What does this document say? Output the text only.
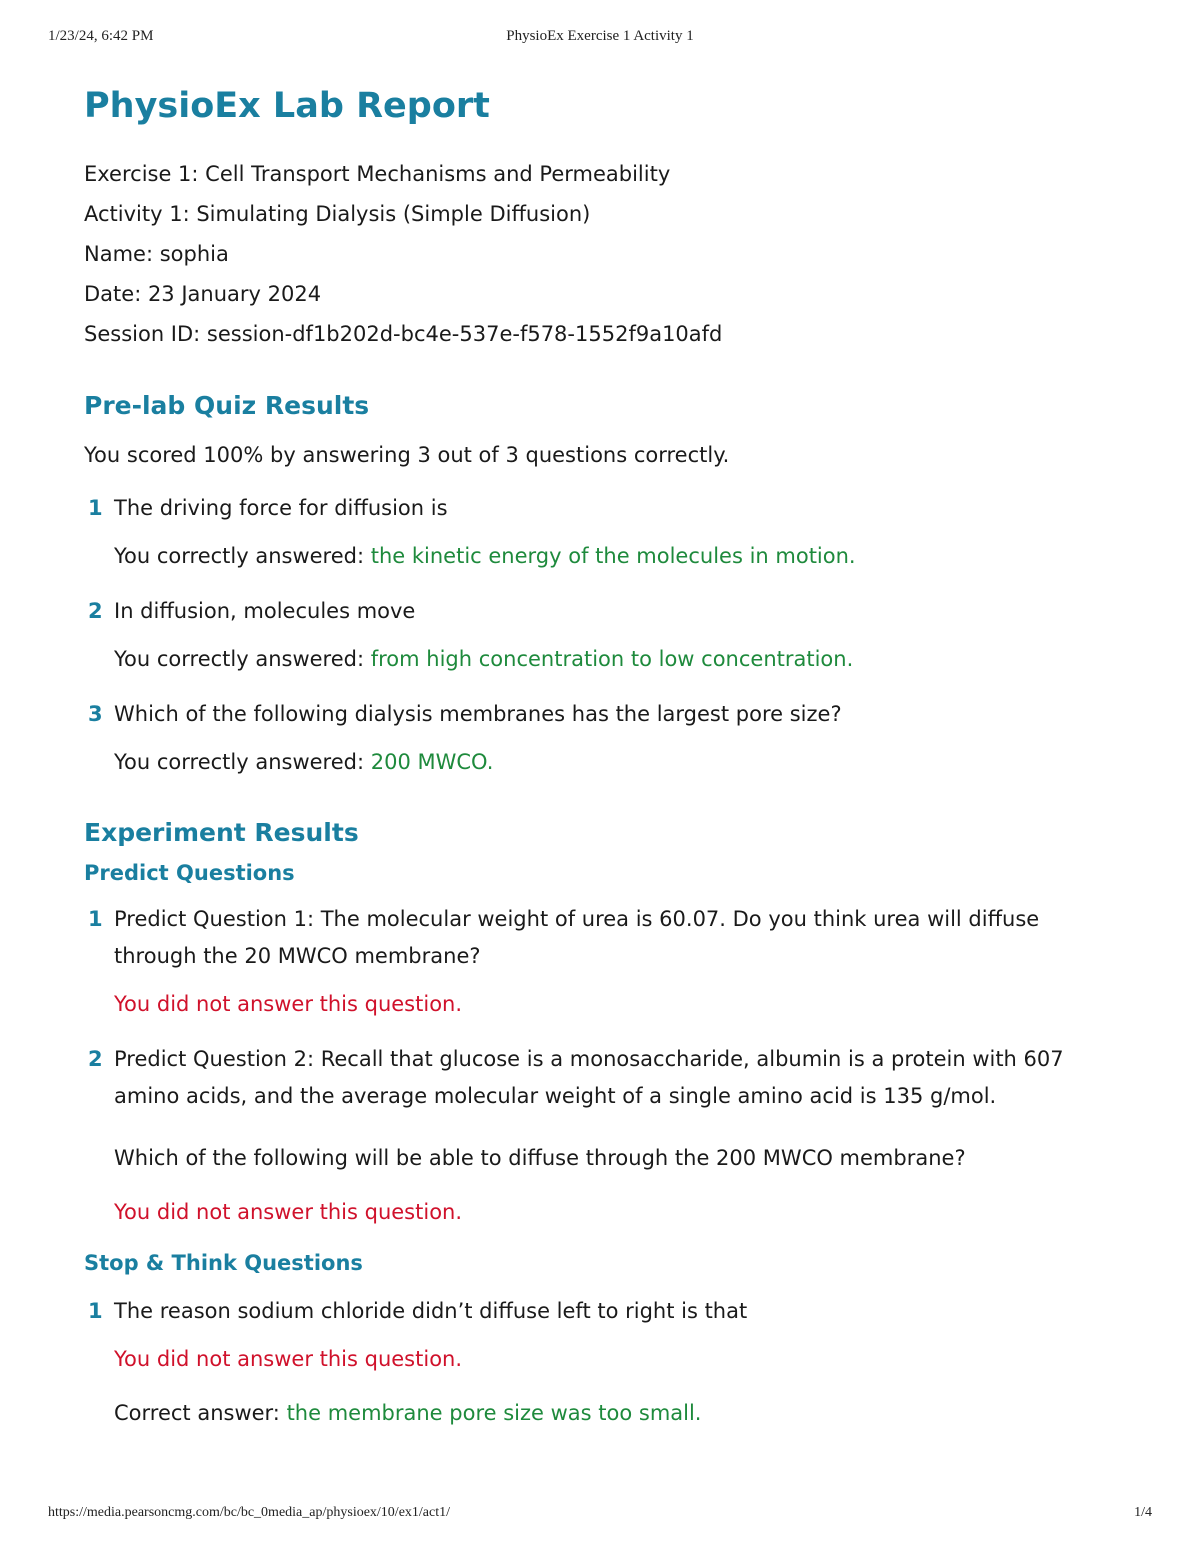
1/23/24, 6:42 PM	PhysioEx Exercise 1 Activity 1
PhysioEx Lab Report

Exercise 1: Cell Transport Mechanisms and Permeability

Activity 1: Simulating Dialysis (Simple Diffusion)

Name: sophia

Date: 23 January 2024

Session ID: session-df1b202d-bc4e-537e-f578-1552f9a10afd

Pre-lab Quiz Results
You scored 100% by answering 3 out of 3 questions correctly.
1 The driving force for diffusion is
You correctly answered: the kinetic energy of the molecules in motion.
2 In diffusion, molecules move
You correctly answered: from high concentration to low concentration.
3 Which of the following dialysis membranes has the largest pore size?
You correctly answered: 200 MWCO.
Experiment Results
Predict Questions
1 Predict Question 1: The molecular weight of urea is 60.07. Do you think urea will diffuse through the 20 MWCO membrane?
You did not answer this question.
2 Predict Question 2: Recall that glucose is a monosaccharide, albumin is a protein with 607 amino acids, and the average molecular weight of a single amino acid is 135 g/mol.
Which of the following will be able to diffuse through the 200 MWCO membrane?
You did not answer this question.
Stop & Think Questions
1 The reason sodium chloride didn’t diffuse left to right is that
You did not answer this question.
Correct answer: the membrane pore size was too small.
https://media.pearsoncmg.com/bc/bc_0media_ap/physioex/10/ex1/act1/	1/4
